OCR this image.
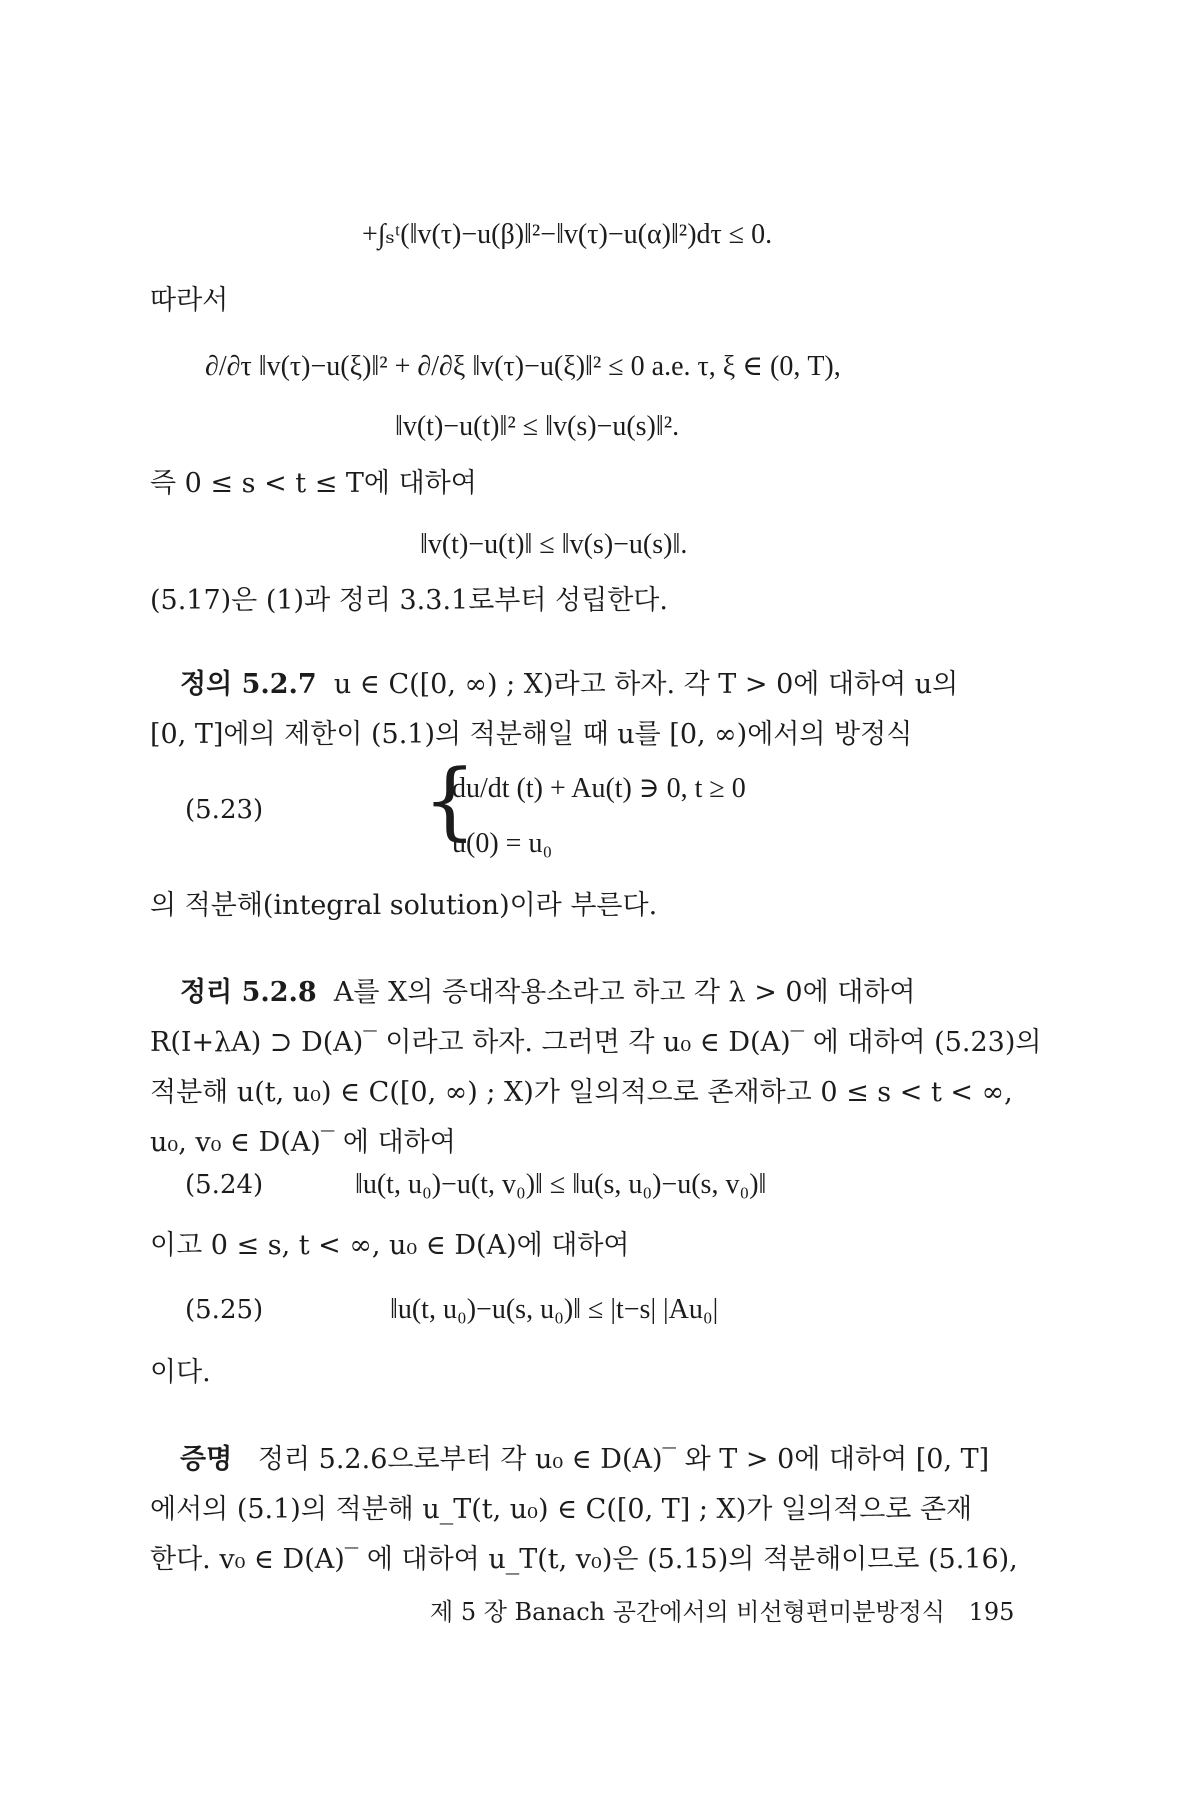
+∫ₛᵗ(‖v(τ)−u(β)‖²−‖v(τ)−u(α)‖²)dτ ≤ 0.
따라서
∂/∂τ ‖v(τ)−u(ξ)‖² + ∂/∂ξ ‖v(τ)−u(ξ)‖² ≤ 0 a.e. τ, ξ ∈ (0, T),
‖v(t)−u(t)‖² ≤ ‖v(s)−u(s)‖².
즉 0 ≤ s < t ≤ T에 대하여
‖v(t)−u(t)‖ ≤ ‖v(s)−u(s)‖.
(5.17)은 (1)과 정리 3.3.1로부터 성립한다.
정의 5.2.7 u ∈ C([0, ∞) ; X)라고 하자. 각 T > 0에 대하여 u의
[0, T]에의 제한이 (5.1)의 적분해일 때 u를 [0, ∞)에서의 방정식
(5.23) {
du/dt (t) + Au(t) ∋ 0, t ≥ 0
u(0) = u₀
의 적분해(integral solution)이라 부른다.
정리 5.2.8 A를 X의 증대작용소라고 하고 각 λ > 0에 대하여
R(I+λA) ⊃ D(A)‾ 이라고 하자. 그러면 각 u₀ ∈ D(A)‾ 에 대하여 (5.23)의
적분해 u(t, u₀) ∈ C([0, ∞) ; X)가 일의적으로 존재하고 0 ≤ s < t < ∞,
u₀, v₀ ∈ D(A)‾ 에 대하여
(5.24)	‖u(t, u₀)−u(t, v₀)‖ ≤ ‖u(s, u₀)−u(s, v₀)‖
이고 0 ≤ s, t < ∞, u₀ ∈ D(A)에 대하여
(5.25)	‖u(t, u₀)−u(s, u₀)‖ ≤ |t−s| |Au₀|
이다.
증명 정리 5.2.6으로부터 각 u₀ ∈ D(A)‾ 와 T > 0에 대하여 [0, T]
에서의 (5.1)의 적분해 u_T(t, u₀) ∈ C([0, T] ; X)가 일의적으로 존재
한다. v₀ ∈ D(A)‾ 에 대하여 u_T(t, v₀)은 (5.15)의 적분해이므로 (5.16),
제 5 장 Banach 공간에서의 비선형편미분방정식 195
